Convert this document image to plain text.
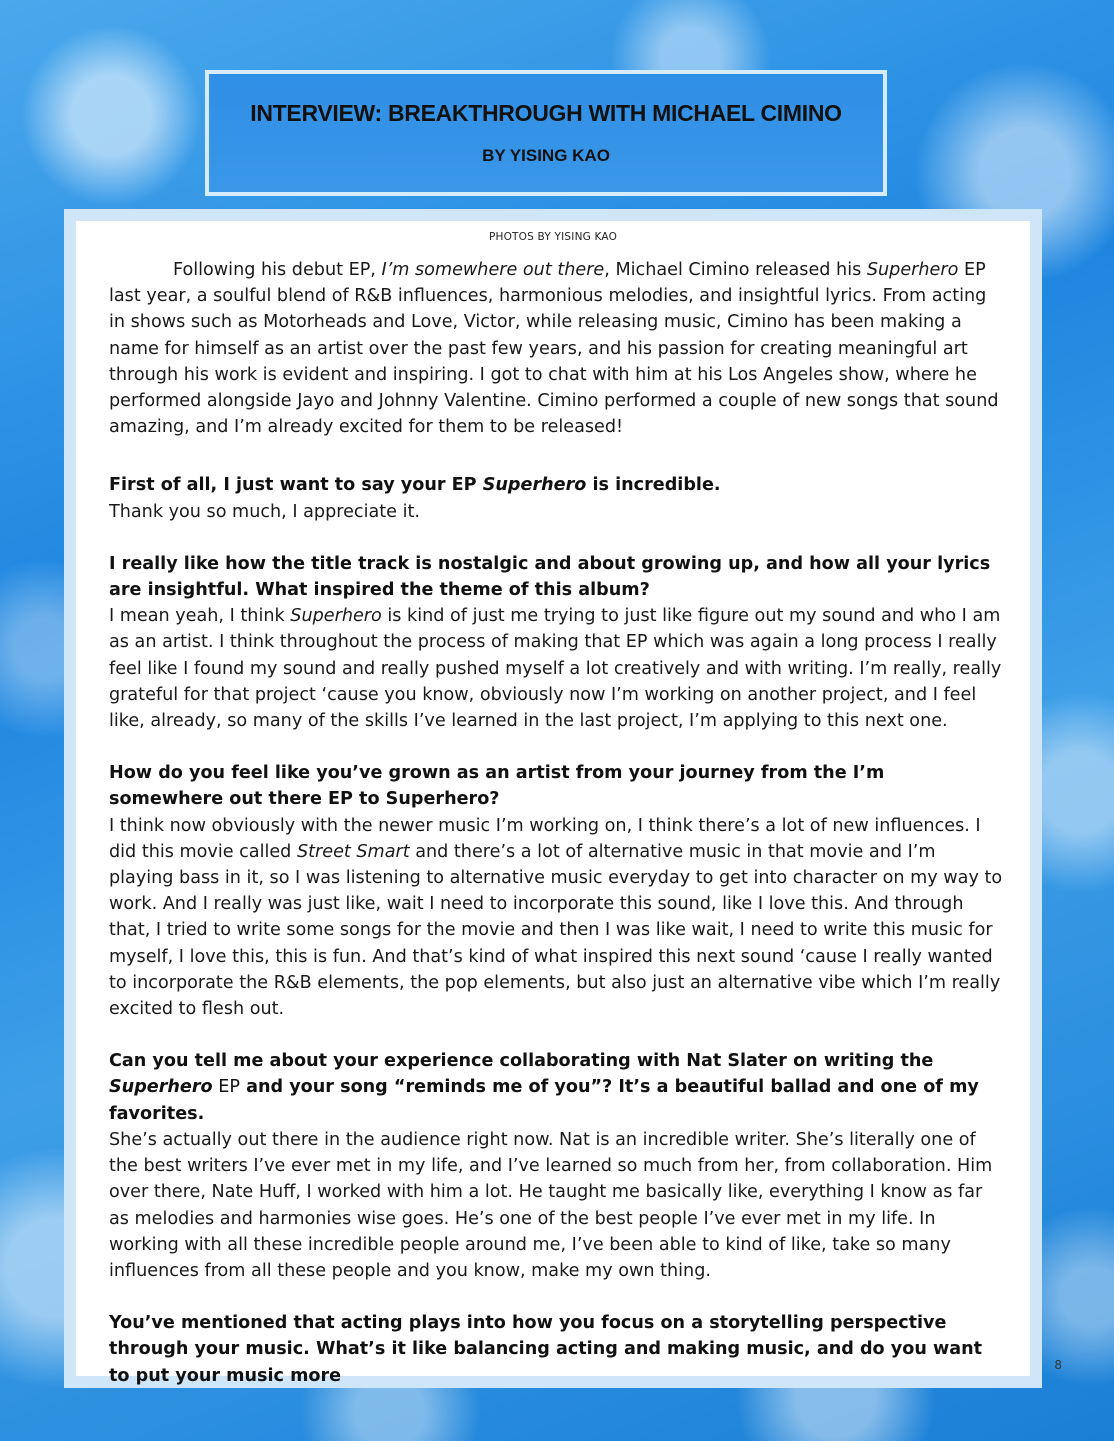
INTERVIEW: BREAKTHROUGH WITH MICHAEL CIMINO
BY YISING KAO
PHOTOS BY YISING KAO

Following his debut EP, I’m somewhere out there, Michael Cimino released his Superhero EP last year, a soulful blend of R&B influences, harmonious melodies, and insightful lyrics. From acting in shows such as Motorheads and Love, Victor, while releasing music, Cimino has been making a name for himself as an artist over the past few years, and his passion for creating meaningful art through his work is evident and inspiring. I got to chat with him at his Los Angeles show, where he performed alongside Jayo and Johnny Valentine. Cimino performed a couple of new songs that sound amazing, and I’m already excited for them to be released!

First of all, I just want to say your EP Superhero is incredible.

Thank you so much, I appreciate it.

I really like how the title track is nostalgic and about growing up, and how all your lyrics are insightful. What inspired the theme of this album?

I mean yeah, I think Superhero is kind of just me trying to just like figure out my sound and who I am as an artist. I think throughout the process of making that EP which was again a long process I really feel like I found my sound and really pushed myself a lot creatively and with writing. I’m really, really grateful for that project ‘cause you know, obviously now I’m working on another project, and I feel like, already, so many of the skills I’ve learned in the last project, I’m applying to this next one.

How do you feel like you’ve grown as an artist from your journey from the I’m somewhere out there EP to Superhero?

I think now obviously with the newer music I’m working on, I think there’s a lot of new influences. I did this movie called Street Smart and there’s a lot of alternative music in that movie and I’m playing bass in it, so I was listening to alternative music everyday to get into character on my way to work. And I really was just like, wait I need to incorporate this sound, like I love this. And through that, I tried to write some songs for the movie and then I was like wait, I need to write this music for myself, I love this, this is fun. And that’s kind of what inspired this next sound ‘cause I really wanted to incorporate the R&B elements, the pop elements, but also just an alternative vibe which I’m really excited to flesh out.

Can you tell me about your experience collaborating with Nat Slater on writing the Superhero EP and your song “reminds me of you”? It’s a beautiful ballad and one of my favorites.

She’s actually out there in the audience right now. Nat is an incredible writer. She’s literally one of the best writers I’ve ever met in my life, and I’ve learned so much from her, from collaboration. Him over there, Nate Huff, I worked with him a lot. He taught me basically like, everything I know as far as melodies and harmonies wise goes. He’s one of the best people I’ve ever met in my life. In working with all these incredible people around me, I’ve been able to kind of like, take so many influences from all these people and you know, make my own thing.

You’ve mentioned that acting plays into how you focus on a storytelling perspective through your music. What’s it like balancing acting and making music, and do you want to put your music more

8
